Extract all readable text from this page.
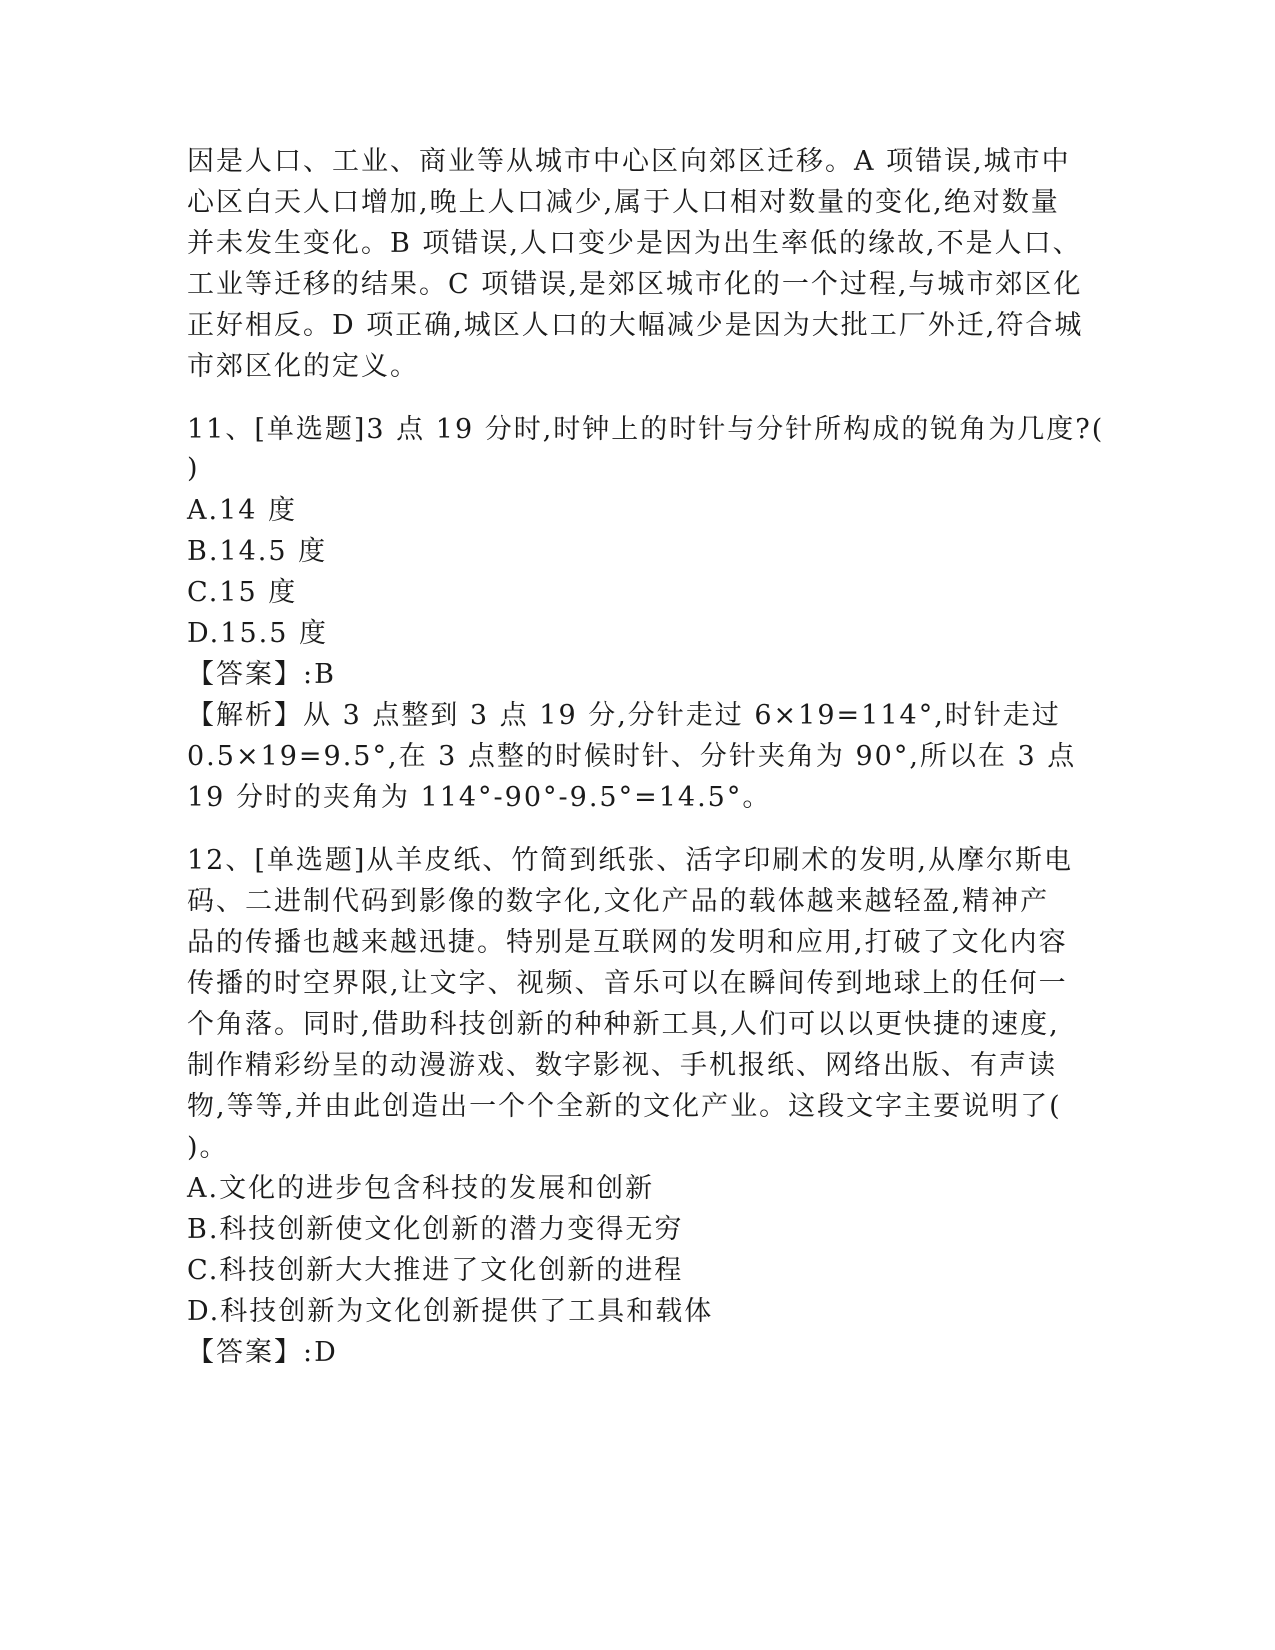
因是人口、工业、商业等从城市中心区向郊区迁移。A 项错误,城市中
心区白天人口增加,晚上人口减少,属于人口相对数量的变化,绝对数量
并未发生变化。B 项错误,人口变少是因为出生率低的缘故,不是人口、
工业等迁移的结果。C 项错误,是郊区城市化的一个过程,与城市郊区化
正好相反。D 项正确,城区人口的大幅减少是因为大批工厂外迁,符合城
市郊区化的定义。
11、[单选题]3 点 19 分时,时钟上的时针与分针所构成的锐角为几度?(
)
A.14 度
B.14.5 度
C.15 度
D.15.5 度
【答案】:B
【解析】从 3 点整到 3 点 19 分,分针走过 6×19=114°,时针走过
0.5×19=9.5°,在 3 点整的时候时针、分针夹角为 90°,所以在 3 点
19 分时的夹角为 114°-90°-9.5°=14.5°。
12、[单选题]从羊皮纸、竹简到纸张、活字印刷术的发明,从摩尔斯电
码、二进制代码到影像的数字化,文化产品的载体越来越轻盈,精神产
品的传播也越来越迅捷。特别是互联网的发明和应用,打破了文化内容
传播的时空界限,让文字、视频、音乐可以在瞬间传到地球上的任何一
个角落。同时,借助科技创新的种种新工具,人们可以以更快捷的速度,
制作精彩纷呈的动漫游戏、数字影视、手机报纸、网络出版、有声读
物,等等,并由此创造出一个个全新的文化产业。这段文字主要说明了(
)。
A.文化的进步包含科技的发展和创新
B.科技创新使文化创新的潜力变得无穷
C.科技创新大大推进了文化创新的进程
D.科技创新为文化创新提供了工具和载体
【答案】:D
